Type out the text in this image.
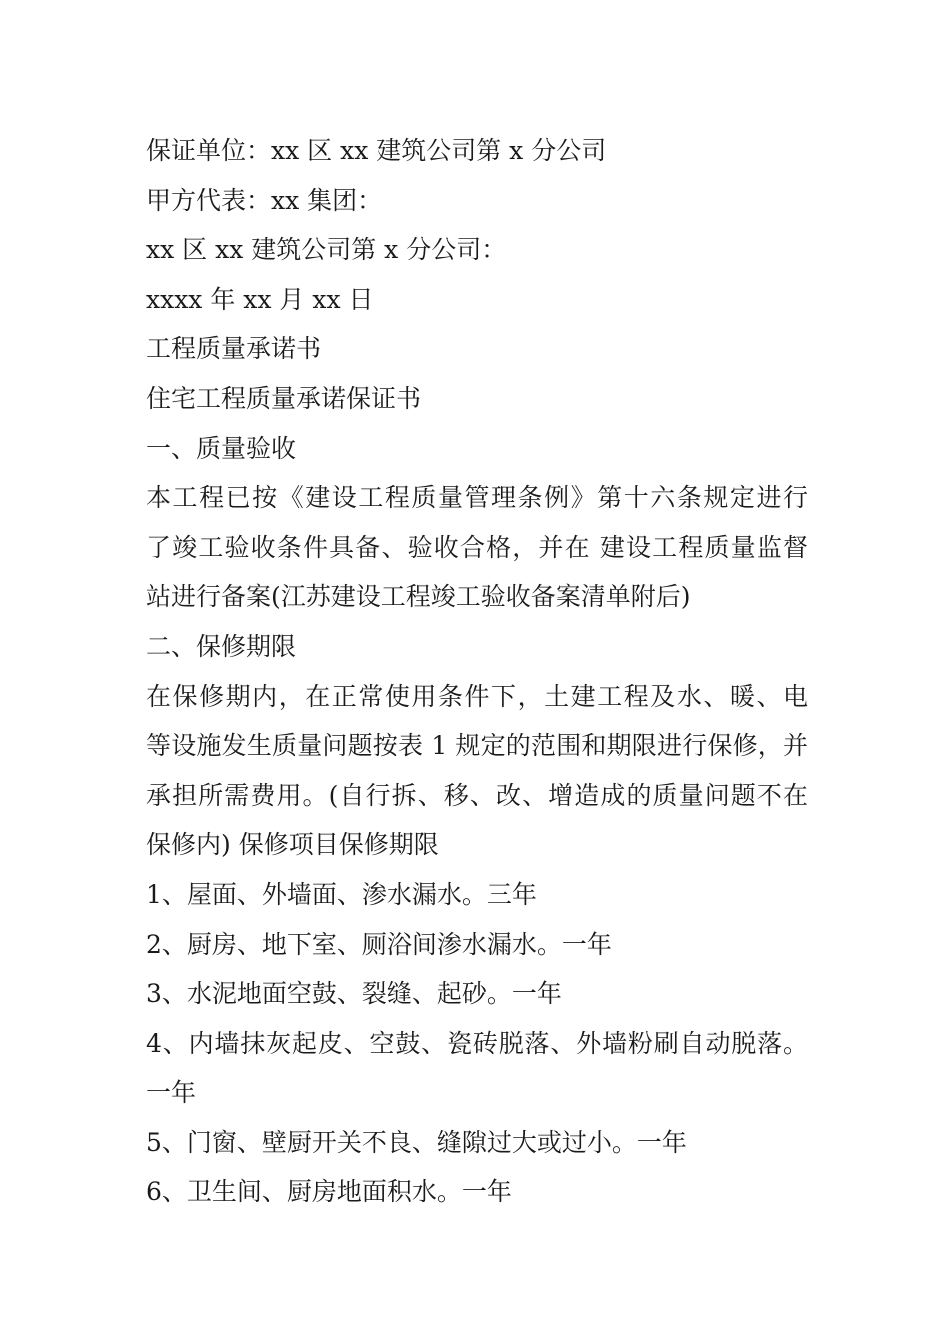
保证单位：xx 区 xx 建筑公司第 x 分公司
甲方代表：xx 集团：
xx 区 xx 建筑公司第 x 分公司：
xxxx 年 xx 月 xx 日
工程质量承诺书
住宅工程质量承诺保证书
一、质量验收
本工程已按《建设工程质量管理条例》第十六条规定进行
了竣工验收条件具备、验收合格，并在 建设工程质量监督
站进行备案(江苏建设工程竣工验收备案清单附后)
二、保修期限
在保修期内，在正常使用条件下，土建工程及水、暖、电
等设施发生质量问题按表 1 规定的范围和期限进行保修，并
承担所需费用。(自行拆、移、改、增造成的质量问题不在
保修内) 保修项目保修期限
1、屋面、外墙面、渗水漏水。三年
2、厨房、地下室、厕浴间渗水漏水。一年
3、水泥地面空鼓、裂缝、起砂。一年
4、内墙抹灰起皮、空鼓、瓷砖脱落、外墙粉刷自动脱落。
一年
5、门窗、壁厨开关不良、缝隙过大或过小。一年
6、卫生间、厨房地面积水。一年
